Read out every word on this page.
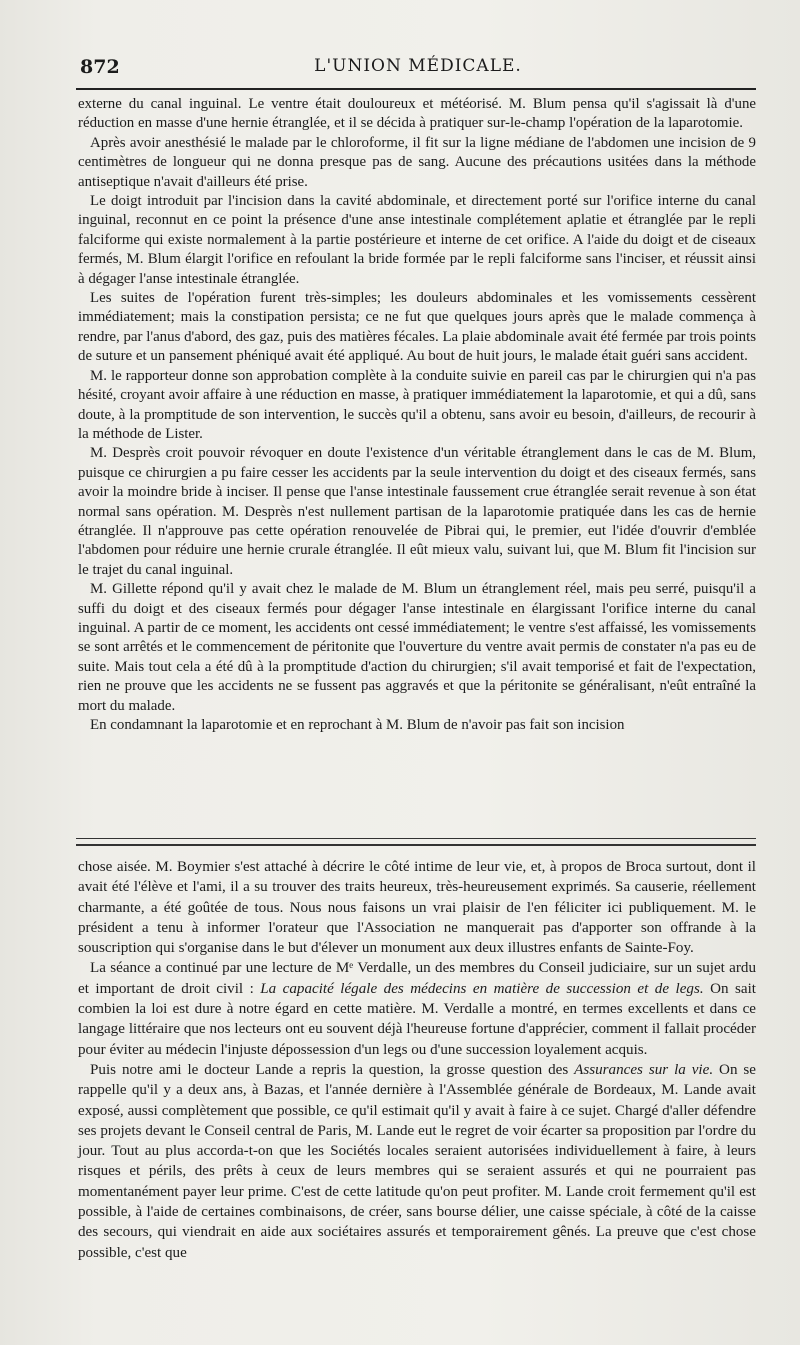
872	L'UNION MÉDICALE.

externe du canal inguinal. Le ventre était douloureux et météorisé. M. Blum pensa qu'il s'agissait là d'une réduction en masse d'une hernie étranglée, et il se décida à pratiquer sur-le-champ l'opération de la laparotomie.

Après avoir anesthésié le malade par le chloroforme, il fit sur la ligne médiane de l'abdomen une incision de 9 centimètres de longueur qui ne donna presque pas de sang. Aucune des précautions usitées dans la méthode antiseptique n'avait d'ailleurs été prise.

Le doigt introduit par l'incision dans la cavité abdominale, et directement porté sur l'orifice interne du canal inguinal, reconnut en ce point la présence d'une anse intestinale complétement aplatie et étranglée par le repli falciforme qui existe normalement à la partie postérieure et interne de cet orifice. A l'aide du doigt et de ciseaux fermés, M. Blum élargit l'orifice en refoulant la bride formée par le repli falciforme sans l'inciser, et réussit ainsi à dégager l'anse intestinale étranglée.

Les suites de l'opération furent très-simples; les douleurs abdominales et les vomissements cessèrent immédiatement; mais la constipation persista; ce ne fut que quelques jours après que le malade commença à rendre, par l'anus d'abord, des gaz, puis des matières fécales. La plaie abdominale avait été fermée par trois points de suture et un pansement phéniqué avait été appliqué. Au bout de huit jours, le malade était guéri sans accident.

M. le rapporteur donne son approbation complète à la conduite suivie en pareil cas par le chirurgien qui n'a pas hésité, croyant avoir affaire à une réduction en masse, à pratiquer immédiatement la laparotomie, et qui a dû, sans doute, à la promptitude de son intervention, le succès qu'il a obtenu, sans avoir eu besoin, d'ailleurs, de recourir à la méthode de Lister.

M. Desprès croit pouvoir révoquer en doute l'existence d'un véritable étranglement dans le cas de M. Blum, puisque ce chirurgien a pu faire cesser les accidents par la seule intervention du doigt et des ciseaux fermés, sans avoir la moindre bride à inciser. Il pense que l'anse intestinale faussement crue étranglée serait revenue à son état normal sans opération. M. Desprès n'est nullement partisan de la laparotomie pratiquée dans les cas de hernie étranglée. Il n'approuve pas cette opération renouvelée de Pibrai qui, le premier, eut l'idée d'ouvrir d'emblée l'abdomen pour réduire une hernie crurale étranglée. Il eût mieux valu, suivant lui, que M. Blum fit l'incision sur le trajet du canal inguinal.

M. Gillette répond qu'il y avait chez le malade de M. Blum un étranglement réel, mais peu serré, puisqu'il a suffi du doigt et des ciseaux fermés pour dégager l'anse intestinale en élargissant l'orifice interne du canal inguinal. A partir de ce moment, les accidents ont cessé immédiatement; le ventre s'est affaissé, les vomissements se sont arrêtés et le commencement de péritonite que l'ouverture du ventre avait permis de constater n'a pas eu de suite. Mais tout cela a été dû à la promptitude d'action du chirurgien; s'il avait temporisé et fait de l'expectation, rien ne prouve que les accidents ne se fussent pas aggravés et que la péritonite se généralisant, n'eût entraîné la mort du malade.

En condamnant la laparotomie et en reprochant à M. Blum de n'avoir pas fait son incision

chose aisée. M. Boymier s'est attaché à décrire le côté intime de leur vie, et, à propos de Broca surtout, dont il avait été l'élève et l'ami, il a su trouver des traits heureux, très-heureusement exprimés. Sa causerie, réellement charmante, a été goûtée de tous. Nous nous faisons un vrai plaisir de l'en féliciter ici publiquement. M. le président a tenu à informer l'orateur que l'Association ne manquerait pas d'apporter son offrande à la souscription qui s'organise dans le but d'élever un monument aux deux illustres enfants de Sainte-Foy.

La séance a continué par une lecture de Mᵉ Verdalle, un des membres du Conseil judiciaire, sur un sujet ardu et important de droit civil : La capacité légale des médecins en matière de succession et de legs. On sait combien la loi est dure à notre égard en cette matière. M. Verdalle a montré, en termes excellents et dans ce langage littéraire que nos lecteurs ont eu souvent déjà l'heureuse fortune d'apprécier, comment il fallait procéder pour éviter au médecin l'injuste dépossession d'un legs ou d'une succession loyalement acquis.

Puis notre ami le docteur Lande a repris la question, la grosse question des Assurances sur la vie. On se rappelle qu'il y a deux ans, à Bazas, et l'année dernière à l'Assemblée générale de Bordeaux, M. Lande avait exposé, aussi complètement que possible, ce qu'il estimait qu'il y avait à faire à ce sujet. Chargé d'aller défendre ses projets devant le Conseil central de Paris, M. Lande eut le regret de voir écarter sa proposition par l'ordre du jour. Tout au plus accorda-t-on que les Sociétés locales seraient autorisées individuellement à faire, à leurs risques et périls, des prêts à ceux de leurs membres qui se seraient assurés et qui ne pourraient pas momentanément payer leur prime. C'est de cette latitude qu'on peut profiter. M. Lande croit fermement qu'il est possible, à l'aide de certaines combinaisons, de créer, sans bourse délier, une caisse spéciale, à côté de la caisse des secours, qui viendrait en aide aux sociétaires assurés et temporairement gênés. La preuve que c'est chose possible, c'est que
